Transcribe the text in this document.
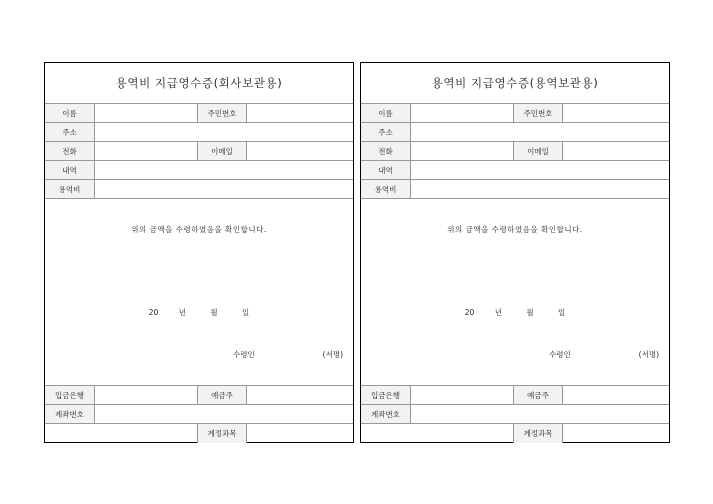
용역비 지급영수증(회사보관용)
이름	주민번호
주소
전화	이메일
내역
용역비
위의 금액을 수령하였음을 확인합니다.
20	년	월	일
수령인	(서명)
입금은행	예금주
계좌번호
계정과목
용역비 지급영수증(용역보관용)
이름	주민번호
주소
전화	이메일
내역
용역비
위의 금액을 수령하였음을 확인합니다.
20	년	월	일
수령인	(서명)
입금은행	예금주
계좌번호
계정과목
